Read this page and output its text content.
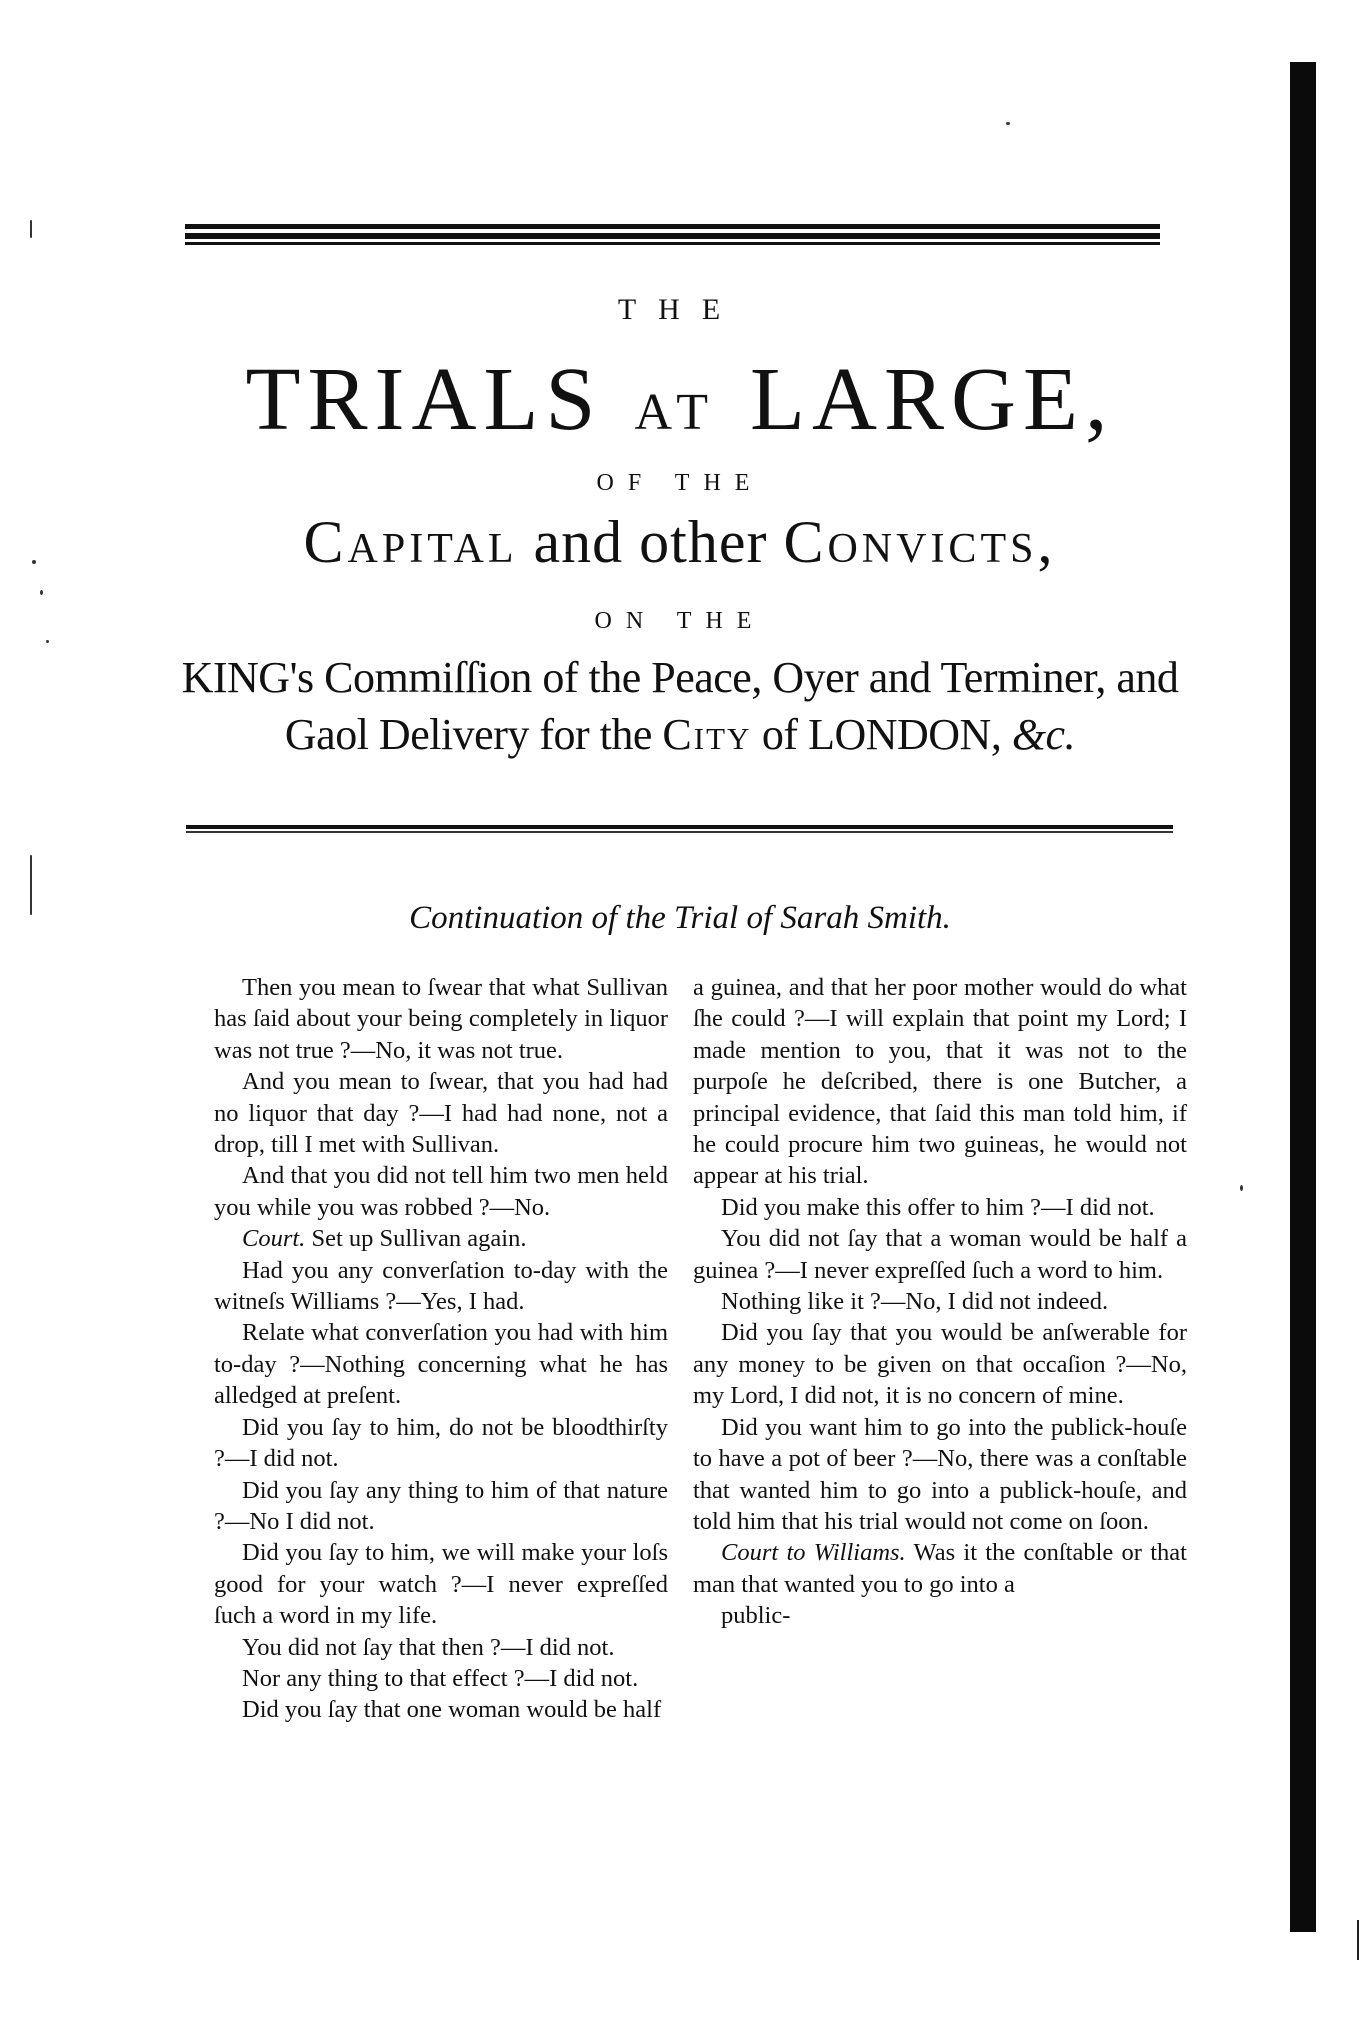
THE
TRIALS AT LARGE,
OF THE
Capital and other Convicts,
ON THE
KING's Commiſſion of the Peace, Oyer and Terminer, and
Gaol Delivery for the City of LONDON, &c.
Continuation of the Trial of Sarah Smith.

Then you mean to ſwear that what Sullivan has ſaid about your being completely in liquor was not true ?—No, it was not true.

And you mean to ſwear, that you had had no liquor that day ?—I had had none, not a drop, till I met with Sullivan.

And that you did not tell him two men held you while you was robbed ?—No.

Court. Set up Sullivan again.

Had you any converſation to-day with the witneſs Williams ?—Yes, I had.

Relate what converſation you had with him to-day ?—Nothing concerning what he has alledged at preſent.

Did you ſay to him, do not be bloodthirſty ?—I did not.

Did you ſay any thing to him of that nature ?—No I did not.

Did you ſay to him, we will make your loſs good for your watch ?—I never expreſſed ſuch a word in my life.

You did not ſay that then ?—I did not.

Nor any thing to that effect ?—I did not.

Did you ſay that one woman would be half

a guinea, and that her poor mother would do what ſhe could ?—I will explain that point my Lord; I made mention to you, that it was not to the purpoſe he deſcribed, there is one Butcher, a principal evidence, that ſaid this man told him, if he could procure him two guineas, he would not appear at his trial.

Did you make this offer to him ?—I did not.

You did not ſay that a woman would be half a guinea ?—I never expreſſed ſuch a word to him.

Nothing like it ?—No, I did not indeed.

Did you ſay that you would be anſwerable for any money to be given on that occaſion ?—No, my Lord, I did not, it is no concern of mine.

Did you want him to go into the publick-houſe to have a pot of beer ?—No, there was a conſtable that wanted him to go into a publick-houſe, and told him that his trial would not come on ſoon.

Court to Williams. Was it the conſtable or that man that wanted you to go into a

public-
